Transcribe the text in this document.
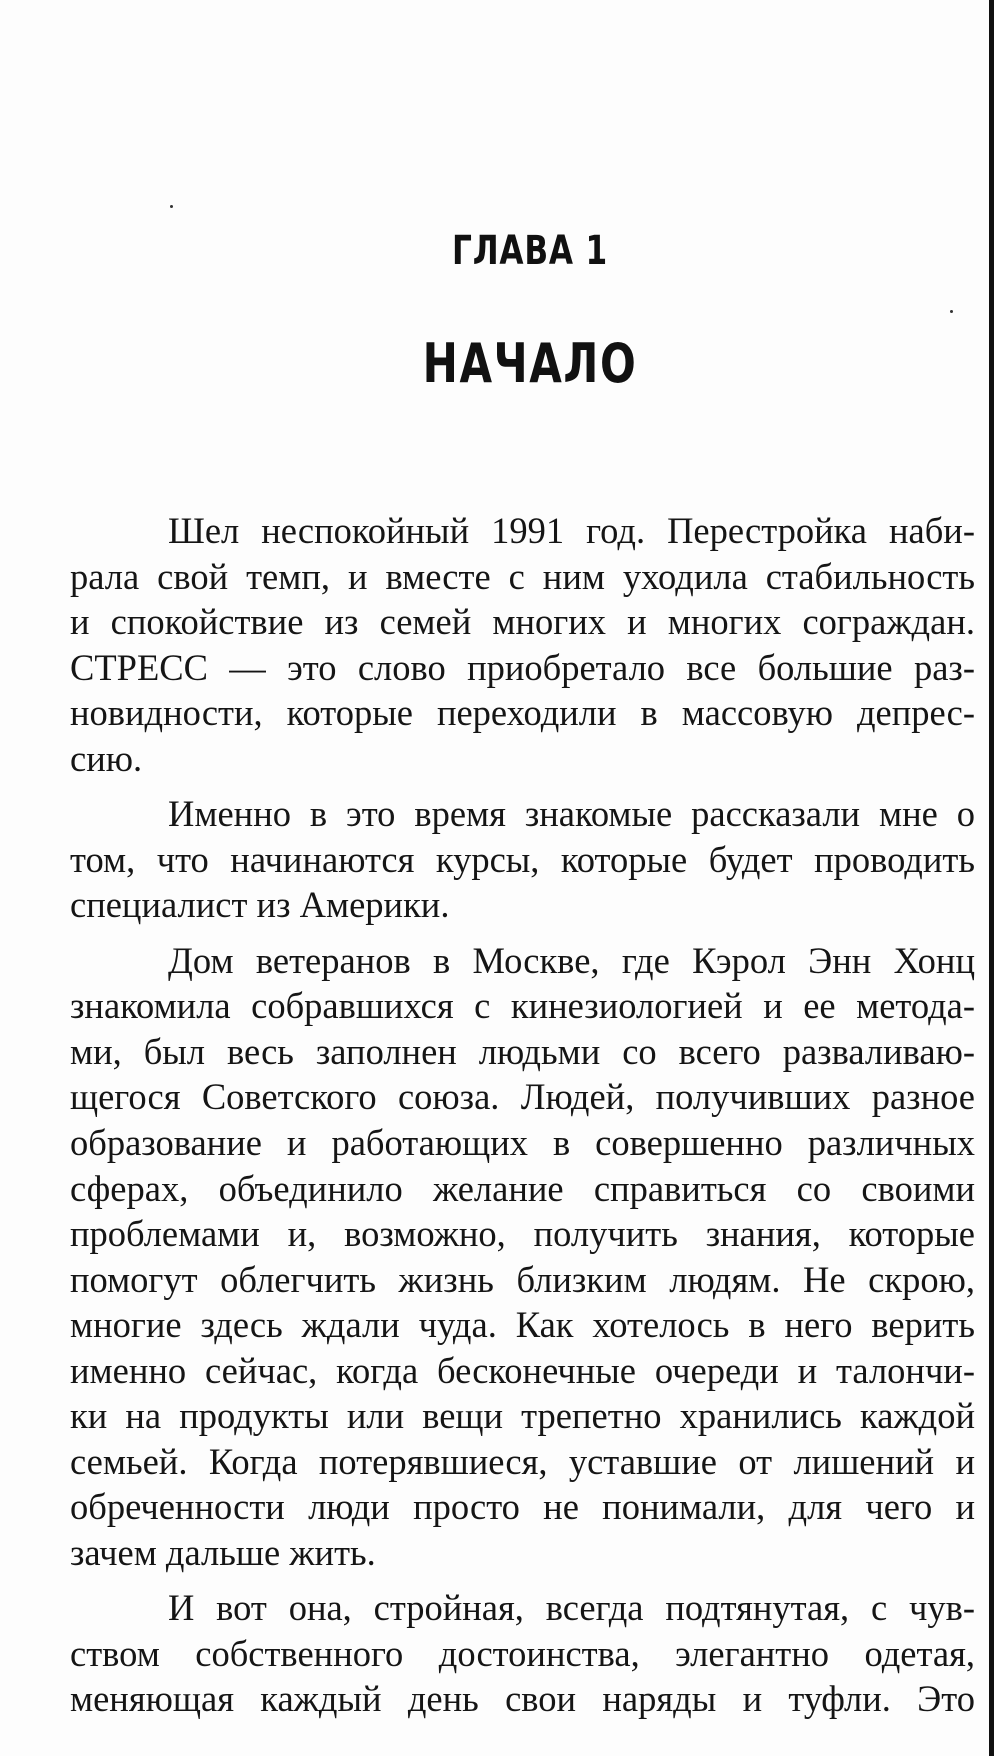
ГЛАВА 1
НАЧАЛО
Шел неспокойный 1991 год. Перестройка наби-
рала свой темп, и вместе с ним уходила стабильность
и спокойствие из семей многих и многих сограждан.
СТРЕСС — это слово приобретало все большие раз-
новидности, которые переходили в массовую депрес-
сию.
Именно в это время знакомые рассказали мне о
том, что начинаются курсы, которые будет проводить
специалист из Америки.
Дом ветеранов в Москве, где Кэрол Энн Хонц
знакомила собравшихся с кинезиологией и ее метода-
ми, был весь заполнен людьми со всего разваливаю-
щегося Советского союза. Людей, получивших разное
образование и работающих в совершенно различных
сферах, объединило желание справиться со своими
проблемами и, возможно, получить знания, которые
помогут облегчить жизнь близким людям. Не скрою,
многие здесь ждали чуда. Как хотелось в него верить
именно сейчас, когда бесконечные очереди и талончи-
ки на продукты или вещи трепетно хранились каждой
семьей. Когда потерявшиеся, уставшие от лишений и
обреченности люди просто не понимали, для чего и
зачем дальше жить.
И вот она, стройная, всегда подтянутая, с чув-
ством собственного достоинства, элегантно одетая,
меняющая каждый день свои наряды и туфли. Это
